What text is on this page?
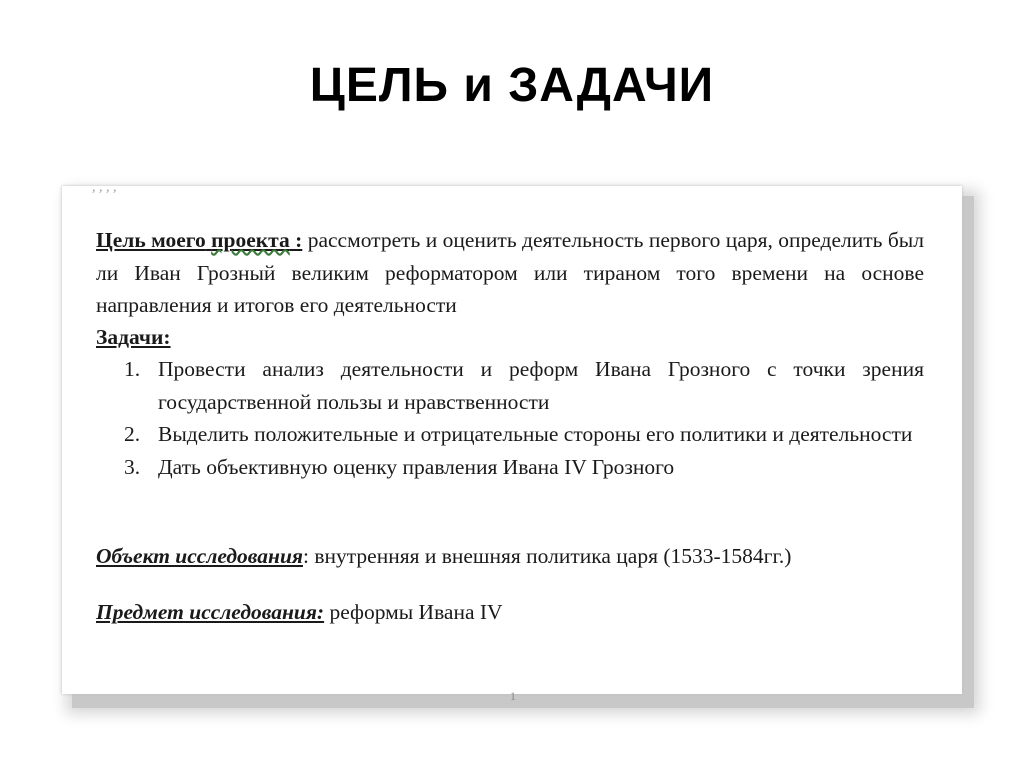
ЦЕЛЬ и ЗАДАЧИ
, , , ,
Цель моего проекта : рассмотреть и оценить деятельность первого царя, определить был ли Иван Грозный великим реформатором или тираном того времени на основе направления и итогов его деятельности
Задачи:
1. Провести анализ деятельности и реформ Ивана Грозного с точки зрения государственной пользы и нравственности
2. Выделить положительные и отрицательные стороны его политики и деятельности
3. Дать объективную оценку правления Ивана IV Грозного
Объект исследования: внутренняя и внешняя политика царя (1533-1584гг.)
Предмет исследования: реформы Ивана IV
1
